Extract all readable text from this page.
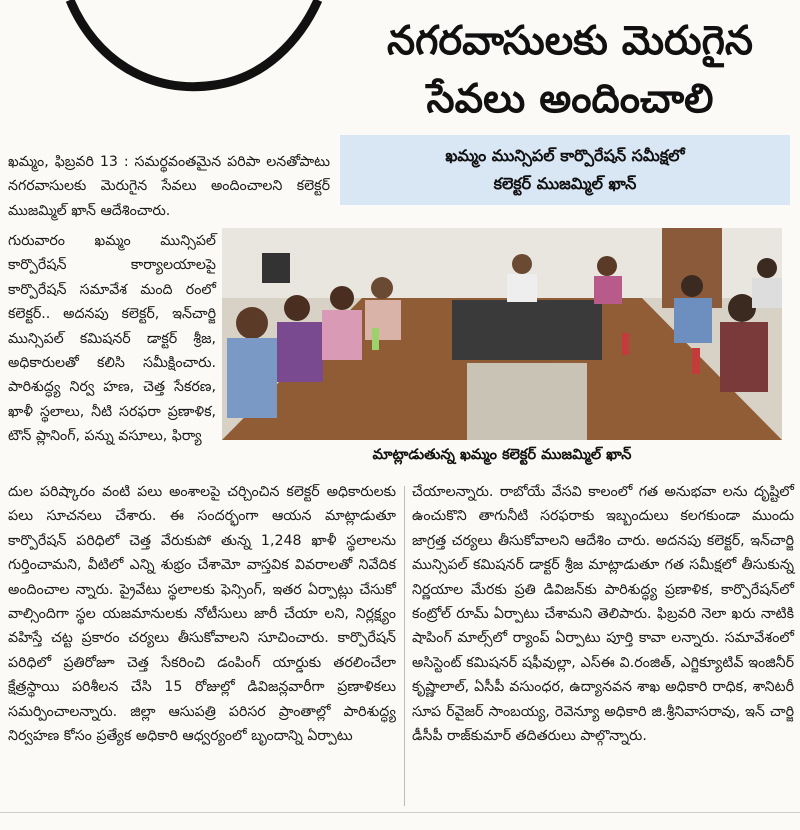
నగరవాసులకు మెరుగైన
సేవలు అందించాలి
ఖమ్మం మున్సిపల్ కార్పొరేషన్ సమీక్షలో
కలెక్టర్ ముజమ్మిల్ ఖాన్

ఖమ్మం, ఫిబ్రవరి 13 : సమర్థవంతమైన పరిపా లనతోపాటు నగరవాసులకు మెరుగైన సేవలు అందించాలని కలెక్టర్ ముజమ్మిల్ ఖాన్ ఆదేశించారు.

గురువారం ఖమ్మం మున్సిపల్ కార్పొరేషన్ కార్యాలయాలపై కార్పొరేషన్ సమావేశ మంది రంలో కలెక్టర్.. అదనపు కలెక్టర్, ఇన్‌చార్జి మున్సిపల్ కమిషనర్ డాక్టర్ శ్రీజ, అధికారులతో కలిసి సమీక్షించారు. పారిశుద్ధ్య నిర్వ హణ, చెత్త సేకరణ, ఖాళీ స్థలాలు, నీటి సరఫరా ప్రణాళిక, టౌన్ ప్లానింగ్, పన్ను వసూలు, ఫిర్యా

మాట్లాడుతున్న ఖమ్మం కలెక్టర్ ముజమ్మిల్ ఖాన్

దుల పరిష్కారం వంటి పలు అంశాలపై చర్చించిన కలెక్టర్ అధికారులకు పలు సూచనలు చేశారు. ఈ సందర్భంగా ఆయన మాట్లాడుతూ కార్పొరేషన్ పరిధిలో చెత్త వేరుకుపో తున్న 1,248 ఖాళీ స్థలాలను గుర్తించామని, వీటిలో ఎన్ని శుభ్రం చేశామో వాస్తవిక వివరాలతో నివేదిక అందించాల న్నారు. ప్రైవేటు స్థలాలకు ఫెన్సింగ్, ఇతర ఏర్పాట్లు చేసుకో వాల్సిందిగా స్థల యజమానులకు నోటీసులు జారీ చేయా లని, నిర్లక్ష్యం వహిస్తే చట్ట ప్రకారం చర్యలు తీసుకోవాలని సూచించారు. కార్పొరేషన్ పరిధిలో ప్రతిరోజూ చెత్త సేకరించి డంపింగ్ యార్డుకు తరలించేలా క్షేత్రస్థాయి పరిశీలన చేసి 15 రోజుల్లో డివిజన్లవారీగా ప్రణాళికలు సమర్పించాలన్నారు. జిల్లా ఆసుపత్రి పరిసర ప్రాంతాల్లో పారిశుద్ధ్య నిర్వహణ కోసం ప్రత్యేక అధికారి ఆధ్వర్యంలో బృందాన్ని ఏర్పాటు

చేయాలన్నారు. రాబోయే వేసవి కాలంలో గత అనుభవా లను దృష్టిలో ఉంచుకొని తాగునీటి సరఫరాకు ఇబ్బందులు కలగకుండా ముందు జాగ్రత్త చర్యలు తీసుకోవాలని ఆదేశిం చారు. అదనపు కలెక్టర్, ఇన్‌చార్జి మున్సిపల్ కమిషనర్ డాక్టర్ శ్రీజ మాట్లాడుతూ గత సమీక్షలో తీసుకున్న నిర్ణయాల మేరకు ప్రతి డివిజన్‌కు పారిశుద్ధ్య ప్రణాళిక, కార్పొరేషన్‌లో కంట్రోల్ రూమ్ ఏర్పాటు చేశామని తెలిపారు. ఫిబ్రవరి నెలా ఖరు నాటికి షాపింగ్ మాల్స్‌లో ర్యాంప్ ఏర్పాటు పూర్తి కావా లన్నారు. సమావేశంలో అసిస్టెంట్ కమిషనర్ షఫీవుల్లా, ఎస్ఈ వి.రంజిత్, ఎగ్జిక్యూటివ్ ఇంజినీర్ కృష్ణాలాల్, ఏసీపీ వసుంధర, ఉద్యానవన శాఖ అధికారి రాధిక, శానిటరీ సూప ర్‌వైజర్ సాంబయ్య, రెవెన్యూ అధికారి జి.శ్రీనివాసరావు, ఇన్ చార్జి డీసీపీ రాజ్‌కుమార్ తదితరులు పాల్గొన్నారు.
